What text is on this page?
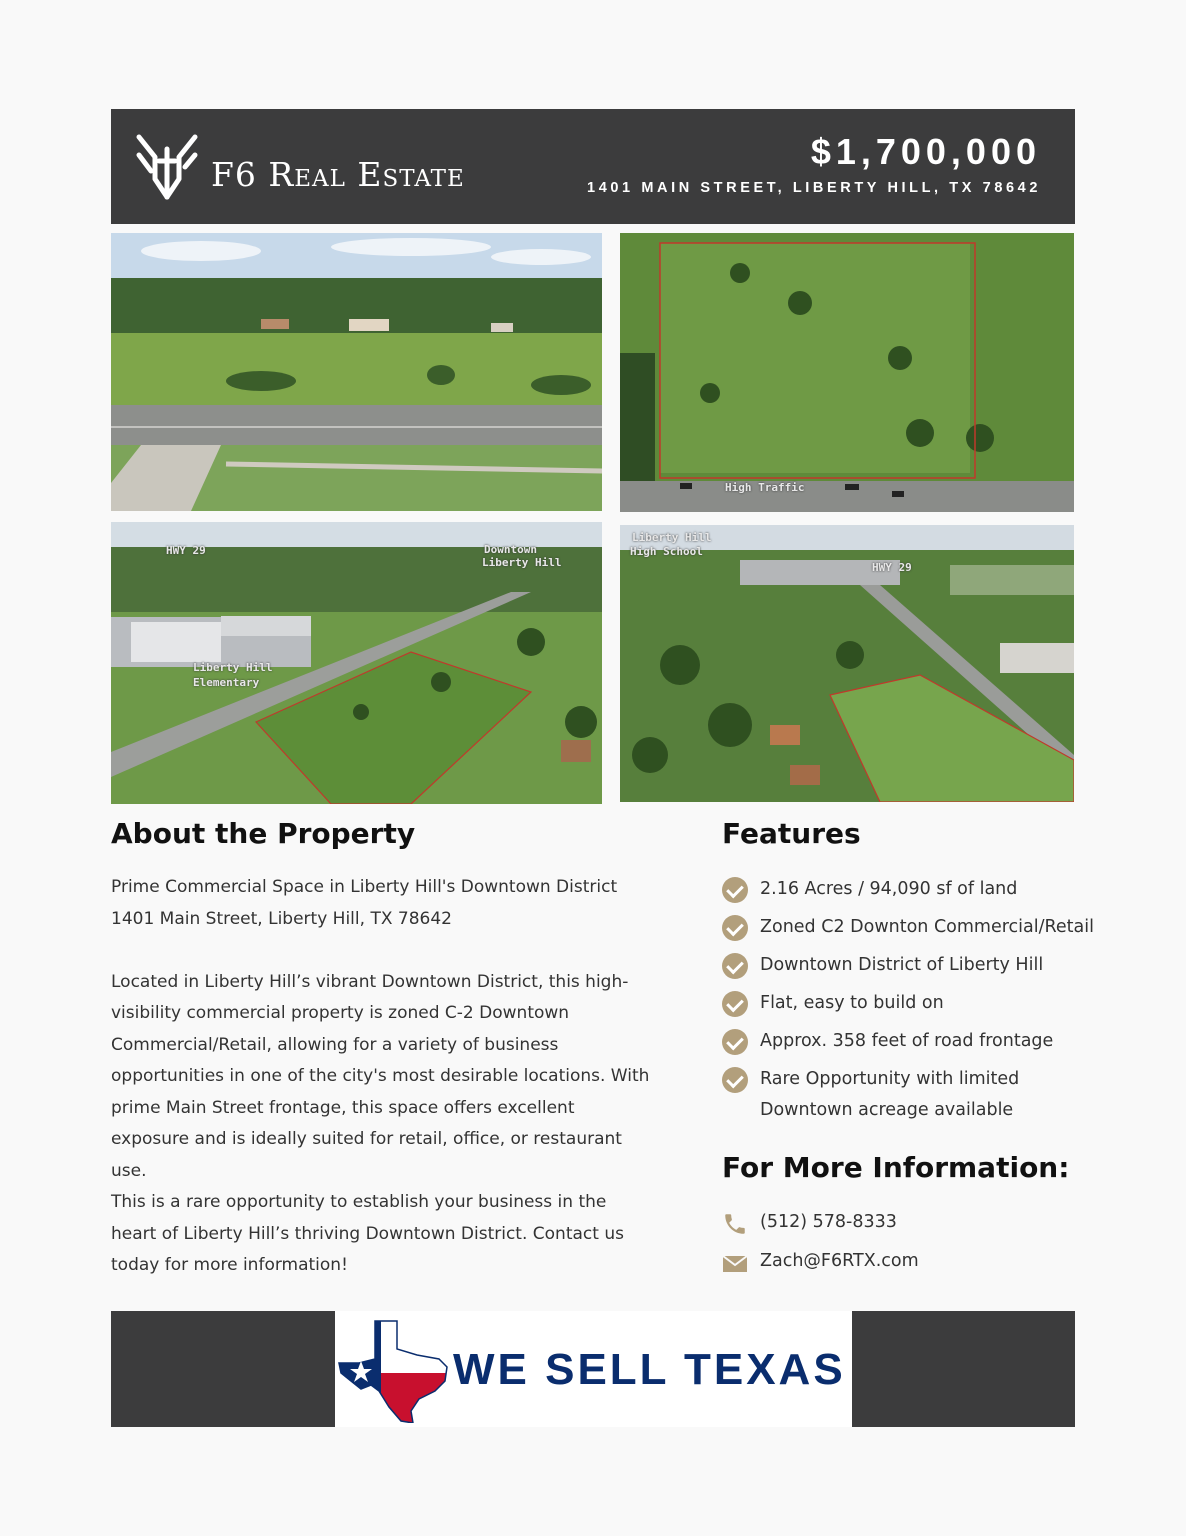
F6 Real Estate
$1,700,000
1401 MAIN STREET, LIBERTY HILL, TX 78642
High Traffic
HWY 29	Downtown
Liberty Hill
Liberty Hill
Elementary
Liberty Hill
High School
HWY 29
About the Property

Prime Commercial Space in Liberty Hill's Downtown District

1401 Main Street, Liberty Hill, TX 78642

Located in Liberty Hill’s vibrant Downtown District, this high-visibility commercial property is zoned C-2 Downtown Commercial/Retail, allowing for a variety of business opportunities in one of the city's most desirable locations. With prime Main Street frontage, this space offers excellent exposure and is ideally suited for retail, office, or restaurant use.

This is a rare opportunity to establish your business in the heart of Liberty Hill’s thriving Downtown District. Contact us today for more information!

Features
2.16 Acres / 94,090 sf of land
Zoned C2 Downton Commercial/Retail
Downtown District of Liberty Hill
Flat, easy to build on
Approx. 358 feet of road frontage
Rare Opportunity with limited Downtown acreage available
For More Information:
(512) 578-8333
Zach@F6RTX.com
WE SELL TEXAS
